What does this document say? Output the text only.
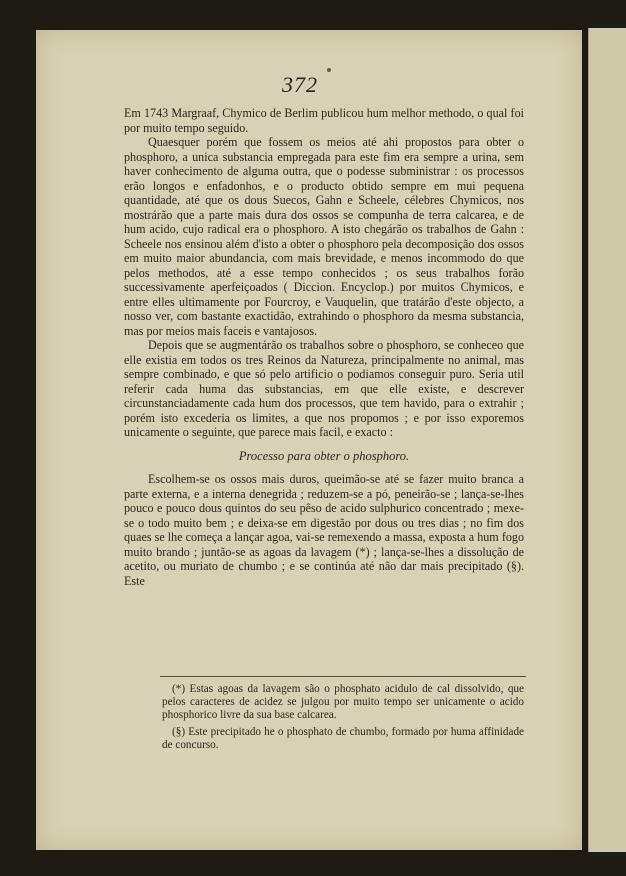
372

Em 1743 Margraaf, Chymico de Berlim publicou hum melhor methodo, o qual foi por muito tempo seguido.

Quaesquer porém que fossem os meios até ahi propostos para obter o phosphoro, a unica substancia empregada para este fim era sempre a urina, sem haver conhecimento de alguma outra, que o podesse subministrar : os processos erão longos e enfadonhos, e o producto obtido sempre em mui pequena quantidade, até que os dous Suecos, Gahn e Scheele, célebres Chymicos, nos mostrárão que a parte mais dura dos ossos se compunha de terra calcarea, e de hum acido, cujo radical era o phosphoro. A isto chegárão os trabalhos de Gahn : Scheele nos ensinou além d'isto a obter o phosphoro pela decomposição dos ossos em muito maior abundancia, com mais brevidade, e menos incommodo do que pelos methodos, até a esse tempo conhecidos ; os seus trabalhos forão successivamente aperfeiçoados ( Diccion. Encyclop.) por muitos Chymicos, e entre elles ultimamente por Fourcroy, e Vauquelin, que tratárão d'este objecto, a nosso ver, com bastante exactidão, extrahindo o phosphoro da mesma substancia, mas por meios mais faceis e vantajosos.

Depois que se augmentárão os trabalhos sobre o phosphoro, se conheceo que elle existia em todos os tres Reinos da Natureza, principalmente no animal, mas sempre combinado, e que só pelo artificio o podiamos conseguir puro. Seria util referir cada huma das substancias, em que elle existe, e descrever circunstanciadamente cada hum dos processos, que tem havido, para o extrahir ; porém isto excederia os limites, a que nos propomos ; e por isso exporemos unicamente o seguinte, que parece mais facil, e exacto :

Processo para obter o phosphoro.

Escolhem-se os ossos mais duros, queimão-se até se fazer muito branca a parte externa, e a interna denegrida ; reduzem-se a pó, peneirão-se ; lança-se-lhes pouco e pouco dous quintos do seu pêso de acido sulphurico concentrado ; mexe-se o todo muito bem ; e deixa-se em digestão por dous ou tres dias ; no fim dos quaes se lhe começa a lançar agoa, vai-se remexendo a massa, exposta a hum fogo muito brando ; juntão-se as agoas da lavagem (*) ; lança-se-lhes a dissolução de acetito, ou muriato de chumbo ; e se continúa até não dar mais precipitado (§). Este

(*) Estas agoas da lavagem são o phosphato acidulo de cal dissolvido, que pelos caracteres de acidez se julgou por muito tempo ser unicamente o acido phosphorico livre da sua base calcarea.

(§) Este precipitado he o phosphato de chumbo, formado por huma affinidade de concurso.
